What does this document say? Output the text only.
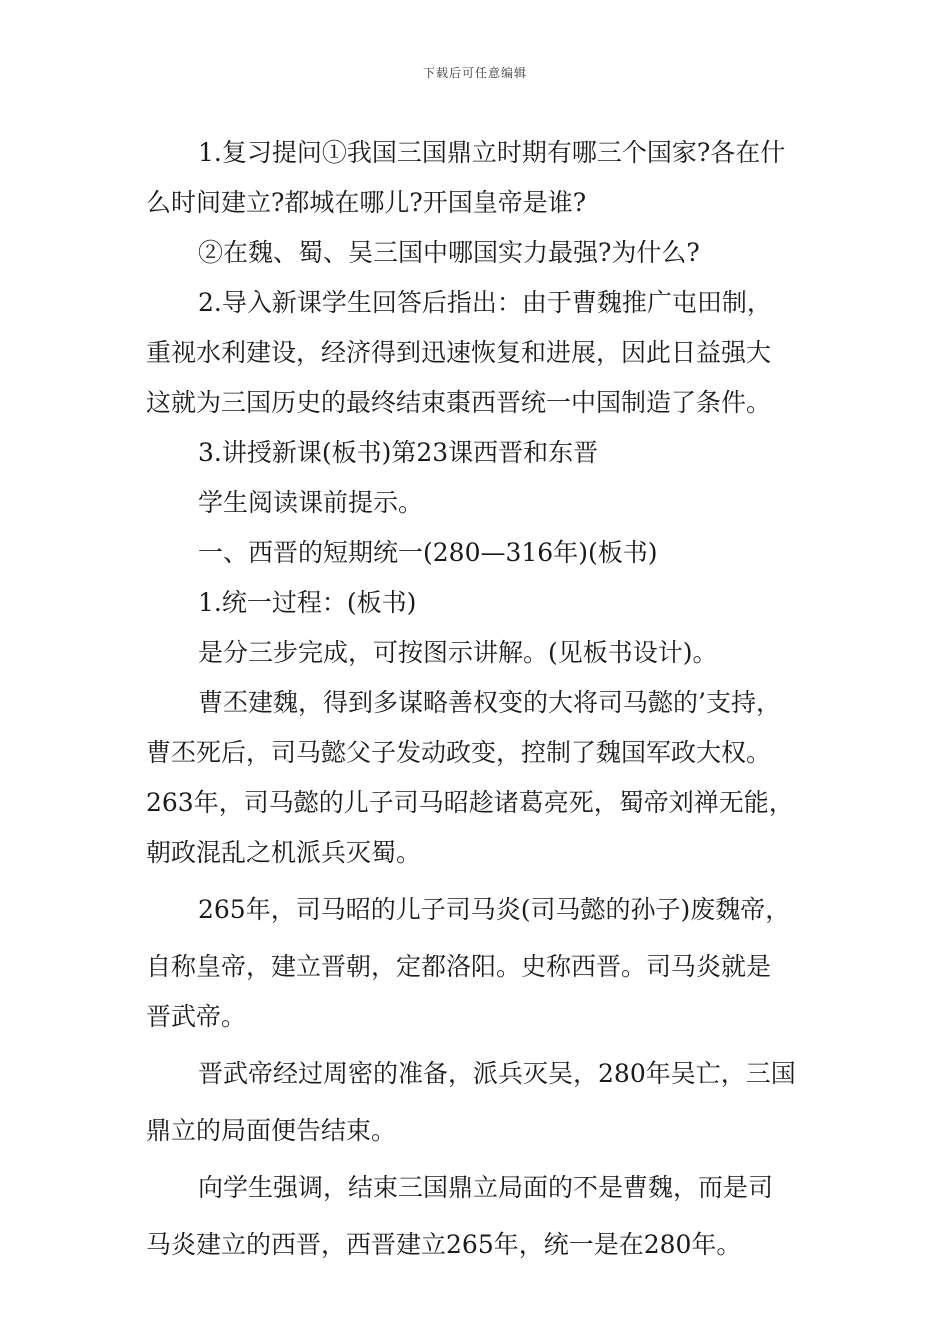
下载后可任意编辑
1.复习提问①我国三国鼎立时期有哪三个国家?各在什
么时间建立?都城在哪儿?开国皇帝是谁?
②在魏、蜀、吴三国中哪国实力最强?为什么?
2.导入新课学生回答后指出：由于曹魏推广屯田制，
重视水利建设，经济得到迅速恢复和进展，因此日益强大
这就为三国历史的最终结束棗西晋统一中国制造了条件。
3.讲授新课(板书)第23课西晋和东晋
学生阅读课前提示。
一、西晋的短期统一(280—316年)(板书)
1.统一过程：(板书)
是分三步完成，可按图示讲解。(见板书设计)。
曹丕建魏，得到多谋略善权变的大将司马懿的’支持，
曹丕死后，司马懿父子发动政变，控制了魏国军政大权。
263年，司马懿的儿子司马昭趁诸葛亮死，蜀帝刘禅无能，
朝政混乱之机派兵灭蜀。
265年，司马昭的儿子司马炎(司马懿的孙子)废魏帝，
自称皇帝，建立晋朝，定都洛阳。史称西晋。司马炎就是
晋武帝。
晋武帝经过周密的准备，派兵灭吴，280年吴亡，三国
鼎立的局面便告结束。
向学生强调，结束三国鼎立局面的不是曹魏，而是司
马炎建立的西晋，西晋建立265年，统一是在280年。
